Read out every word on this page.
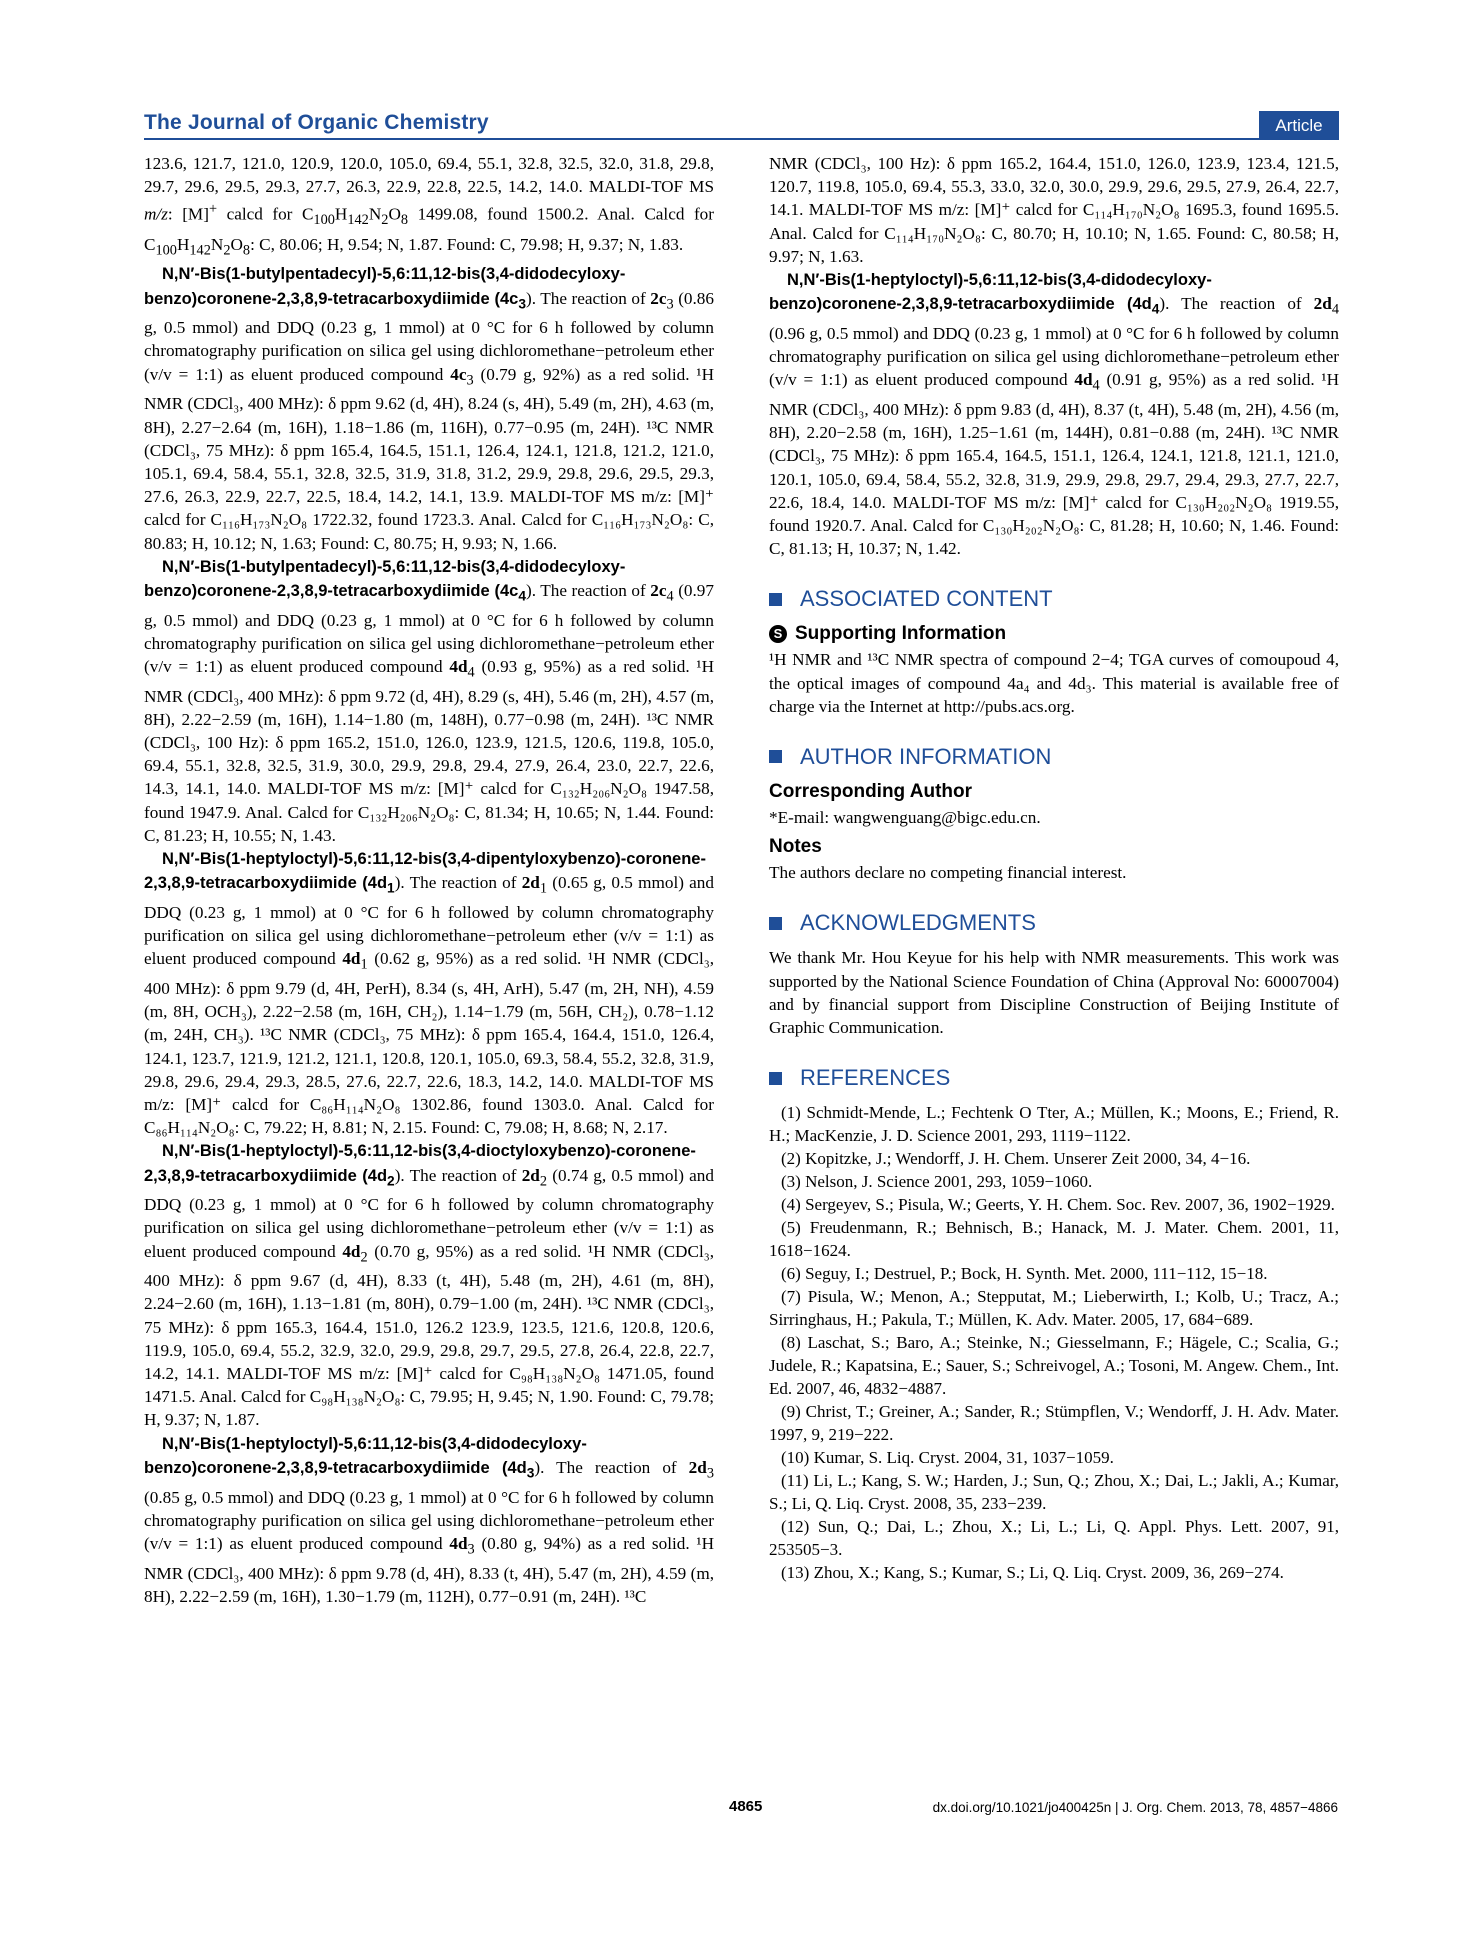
The Journal of Organic Chemistry	Article

123.6, 121.7, 121.0, 120.9, 120.0, 105.0, 69.4, 55.1, 32.8, 32.5, 32.0, 31.8, 29.8, 29.7, 29.6, 29.5, 29.3, 27.7, 26.3, 22.9, 22.8, 22.5, 14.2, 14.0. MALDI-TOF MS m/z: [M]+ calcd for $C_{100}H_{142}N_2O_8$ 1499.08, found 1500.2. Anal. Calcd for $C_{100}H_{142}N_2O_8$: C, 80.06; H, 9.54; N, 1.87. Found: C, 79.98; H, 9.37; N, 1.83.

N,N′-Bis(1-butylpentadecyl)-5,6:11,12-bis(3,4-didodecyloxy-benzo)coronene-2,3,8,9-tetracarboxydiimide $(4c_3)$. The reaction of $2c_3$ (0.86 g, 0.5 mmol) and DDQ (0.23 g, 1 mmol) at 0 °C for 6 h followed by column chromatography purification on silica gel using dichloromethane−petroleum ether (v/v = 1:1) as eluent produced compound $4c_3$ (0.79 g, 92%) as a red solid. ¹H NMR (CDCl₃, 400 MHz): δ ppm 9.62 (d, 4H), 8.24 (s, 4H), 5.49 (m, 2H), 4.63 (m, 8H), 2.27−2.64 (m, 16H), 1.18−1.86 (m, 116H), 0.77−0.95 (m, 24H). ¹³C NMR (CDCl₃, 75 MHz): δ ppm 165.4, 164.5, 151.1, 126.4, 124.1, 121.8, 121.2, 121.0, 105.1, 69.4, 58.4, 55.1, 32.8, 32.5, 31.9, 31.8, 31.2, 29.9, 29.8, 29.6, 29.5, 29.3, 27.6, 26.3, 22.9, 22.7, 22.5, 18.4, 14.2, 14.1, 13.9. MALDI-TOF MS m/z: [M]⁺ calcd for C₁₁₆H₁₇₃N₂O₈ 1722.32, found 1723.3. Anal. Calcd for C₁₁₆H₁₇₃N₂O₈: C, 80.83; H, 10.12; N, 1.63; Found: C, 80.75; H, 9.93; N, 1.66.

N,N′-Bis(1-butylpentadecyl)-5,6:11,12-bis(3,4-didodecyloxy-benzo)coronene-2,3,8,9-tetracarboxydiimide $(4c_4)$. The reaction of $2c_4$ (0.97 g, 0.5 mmol) and DDQ (0.23 g, 1 mmol) at 0 °C for 6 h followed by column chromatography purification on silica gel using dichloromethane−petroleum ether (v/v = 1:1) as eluent produced compound $4d_4$ (0.93 g, 95%) as a red solid. ¹H NMR (CDCl₃, 400 MHz): δ ppm 9.72 (d, 4H), 8.29 (s, 4H), 5.46 (m, 2H), 4.57 (m, 8H), 2.22−2.59 (m, 16H), 1.14−1.80 (m, 148H), 0.77−0.98 (m, 24H). ¹³C NMR (CDCl₃, 100 Hz): δ ppm 165.2, 151.0, 126.0, 123.9, 121.5, 120.6, 119.8, 105.0, 69.4, 55.1, 32.8, 32.5, 31.9, 30.0, 29.9, 29.8, 29.4, 27.9, 26.4, 23.0, 22.7, 22.6, 14.3, 14.1, 14.0. MALDI-TOF MS m/z: [M]⁺ calcd for C₁₃₂H₂₀₆N₂O₈ 1947.58, found 1947.9. Anal. Calcd for C₁₃₂H₂₀₆N₂O₈: C, 81.34; H, 10.65; N, 1.44. Found: C, 81.23; H, 10.55; N, 1.43.

N,N′-Bis(1-heptyloctyl)-5,6:11,12-bis(3,4-dipentyloxybenzo)-coronene-2,3,8,9-tetracarboxydiimide $(4d_1)$. The reaction of $2d_1$ (0.65 g, 0.5 mmol) and DDQ (0.23 g, 1 mmol) at 0 °C for 6 h followed by column chromatography purification on silica gel using dichloromethane−petroleum ether (v/v = 1:1) as eluent produced compound $4d_1$ (0.62 g, 95%) as a red solid. ¹H NMR (CDCl₃, 400 MHz): δ ppm 9.79 (d, 4H, PerH), 8.34 (s, 4H, ArH), 5.47 (m, 2H, NH), 4.59 (m, 8H, OCH₃), 2.22−2.58 (m, 16H, CH₂), 1.14−1.79 (m, 56H, CH₂), 0.78−1.12 (m, 24H, CH₃). ¹³C NMR (CDCl₃, 75 MHz): δ ppm 165.4, 164.4, 151.0, 126.4, 124.1, 123.7, 121.9, 121.2, 121.1, 120.8, 120.1, 105.0, 69.3, 58.4, 55.2, 32.8, 31.9, 29.8, 29.6, 29.4, 29.3, 28.5, 27.6, 22.7, 22.6, 18.3, 14.2, 14.0. MALDI-TOF MS m/z: [M]⁺ calcd for C₈₆H₁₁₄N₂O₈ 1302.86, found 1303.0. Anal. Calcd for C₈₆H₁₁₄N₂O₈: C, 79.22; H, 8.81; N, 2.15. Found: C, 79.08; H, 8.68; N, 2.17.

N,N′-Bis(1-heptyloctyl)-5,6:11,12-bis(3,4-dioctyloxybenzo)-coronene-2,3,8,9-tetracarboxydiimide $(4d_2)$. The reaction of $2d_2$ (0.74 g, 0.5 mmol) and DDQ (0.23 g, 1 mmol) at 0 °C for 6 h followed by column chromatography purification on silica gel using dichloromethane−petroleum ether (v/v = 1:1) as eluent produced compound $4d_2$ (0.70 g, 95%) as a red solid. ¹H NMR (CDCl₃, 400 MHz): δ ppm 9.67 (d, 4H), 8.33 (t, 4H), 5.48 (m, 2H), 4.61 (m, 8H), 2.24−2.60 (m, 16H), 1.13−1.81 (m, 80H), 0.79−1.00 (m, 24H). ¹³C NMR (CDCl₃, 75 MHz): δ ppm 165.3, 164.4, 151.0, 126.2 123.9, 123.5, 121.6, 120.8, 120.6, 119.9, 105.0, 69.4, 55.2, 32.9, 32.0, 29.9, 29.8, 29.7, 29.5, 27.8, 26.4, 22.8, 22.7, 14.2, 14.1. MALDI-TOF MS m/z: [M]⁺ calcd for C₉₈H₁₃₈N₂O₈ 1471.05, found 1471.5. Anal. Calcd for C₉₈H₁₃₈N₂O₈: C, 79.95; H, 9.45; N, 1.90. Found: C, 79.78; H, 9.37; N, 1.87.

N,N′-Bis(1-heptyloctyl)-5,6:11,12-bis(3,4-didodecyloxy-benzo)coronene-2,3,8,9-tetracarboxydiimide $(4d_3)$. The reaction of $2d_3$ (0.85 g, 0.5 mmol) and DDQ (0.23 g, 1 mmol) at 0 °C for 6 h followed by column chromatography purification on silica gel using dichloromethane−petroleum ether (v/v = 1:1) as eluent produced compound $4d_3$ (0.80 g, 94%) as a red solid. ¹H NMR (CDCl₃, 400 MHz): δ ppm 9.78 (d, 4H), 8.33 (t, 4H), 5.47 (m, 2H), 4.59 (m, 8H), 2.22−2.59 (m, 16H), 1.30−1.79 (m, 112H), 0.77−0.91 (m, 24H). ¹³C

NMR (CDCl₃, 100 Hz): δ ppm 165.2, 164.4, 151.0, 126.0, 123.9, 123.4, 121.5, 120.7, 119.8, 105.0, 69.4, 55.3, 33.0, 32.0, 30.0, 29.9, 29.6, 29.5, 27.9, 26.4, 22.7, 14.1. MALDI-TOF MS m/z: [M]⁺ calcd for C₁₁₄H₁₇₀N₂O₈ 1695.3, found 1695.5. Anal. Calcd for C₁₁₄H₁₇₀N₂O₈: C, 80.70; H, 10.10; N, 1.65. Found: C, 80.58; H, 9.97; N, 1.63.

N,N′-Bis(1-heptyloctyl)-5,6:11,12-bis(3,4-didodecyloxy-benzo)coronene-2,3,8,9-tetracarboxydiimide $(4d_4)$. The reaction of $2d_4$ (0.96 g, 0.5 mmol) and DDQ (0.23 g, 1 mmol) at 0 °C for 6 h followed by column chromatography purification on silica gel using dichloromethane−petroleum ether (v/v = 1:1) as eluent produced compound $4d_4$ (0.91 g, 95%) as a red solid. ¹H NMR (CDCl₃, 400 MHz): δ ppm 9.83 (d, 4H), 8.37 (t, 4H), 5.48 (m, 2H), 4.56 (m, 8H), 2.20−2.58 (m, 16H), 1.25−1.61 (m, 144H), 0.81−0.88 (m, 24H). ¹³C NMR (CDCl₃, 75 MHz): δ ppm 165.4, 164.5, 151.1, 126.4, 124.1, 121.8, 121.1, 121.0, 120.1, 105.0, 69.4, 58.4, 55.2, 32.8, 31.9, 29.9, 29.8, 29.7, 29.4, 29.3, 27.7, 22.7, 22.6, 18.4, 14.0. MALDI-TOF MS m/z: [M]⁺ calcd for C₁₃₀H₂₀₂N₂O₈ 1919.55, found 1920.7. Anal. Calcd for C₁₃₀H₂₀₂N₂O₈: C, 81.28; H, 10.60; N, 1.46. Found: C, 81.13; H, 10.37; N, 1.42.

ASSOCIATED CONTENT
S Supporting Information

¹H NMR and ¹³C NMR spectra of compound 2−4; TGA curves of comoupoud 4, the optical images of compound 4a₄ and 4d₃. This material is available free of charge via the Internet at http://pubs.acs.org.

AUTHOR INFORMATION
Corresponding Author

*E-mail: wangwenguang@bigc.edu.cn.

Notes

The authors declare no competing financial interest.

ACKNOWLEDGMENTS

We thank Mr. Hou Keyue for his help with NMR measurements. This work was supported by the National Science Foundation of China (Approval No: 60007004) and by financial support from Discipline Construction of Beijing Institute of Graphic Communication.

REFERENCES

(1) Schmidt-Mende, L.; Fechtenk O Tter, A.; Müllen, K.; Moons, E.; Friend, R. H.; MacKenzie, J. D. Science 2001, 293, 1119−1122.

(2) Kopitzke, J.; Wendorff, J. H. Chem. Unserer Zeit 2000, 34, 4−16.

(3) Nelson, J. Science 2001, 293, 1059−1060.

(4) Sergeyev, S.; Pisula, W.; Geerts, Y. H. Chem. Soc. Rev. 2007, 36, 1902−1929.

(5) Freudenmann, R.; Behnisch, B.; Hanack, M. J. Mater. Chem. 2001, 11, 1618−1624.

(6) Seguy, I.; Destruel, P.; Bock, H. Synth. Met. 2000, 111−112, 15−18.

(7) Pisula, W.; Menon, A.; Stepputat, M.; Lieberwirth, I.; Kolb, U.; Tracz, A.; Sirringhaus, H.; Pakula, T.; Müllen, K. Adv. Mater. 2005, 17, 684−689.

(8) Laschat, S.; Baro, A.; Steinke, N.; Giesselmann, F.; Hägele, C.; Scalia, G.; Judele, R.; Kapatsina, E.; Sauer, S.; Schreivogel, A.; Tosoni, M. Angew. Chem., Int. Ed. 2007, 46, 4832−4887.

(9) Christ, T.; Greiner, A.; Sander, R.; Stümpflen, V.; Wendorff, J. H. Adv. Mater. 1997, 9, 219−222.

(10) Kumar, S. Liq. Cryst. 2004, 31, 1037−1059.

(11) Li, L.; Kang, S. W.; Harden, J.; Sun, Q.; Zhou, X.; Dai, L.; Jakli, A.; Kumar, S.; Li, Q. Liq. Cryst. 2008, 35, 233−239.

(12) Sun, Q.; Dai, L.; Zhou, X.; Li, L.; Li, Q. Appl. Phys. Lett. 2007, 91, 253505−3.

(13) Zhou, X.; Kang, S.; Kumar, S.; Li, Q. Liq. Cryst. 2009, 36, 269−274.

4865	dx.doi.org/10.1021/jo400425n | J. Org. Chem. 2013, 78, 4857−4866
